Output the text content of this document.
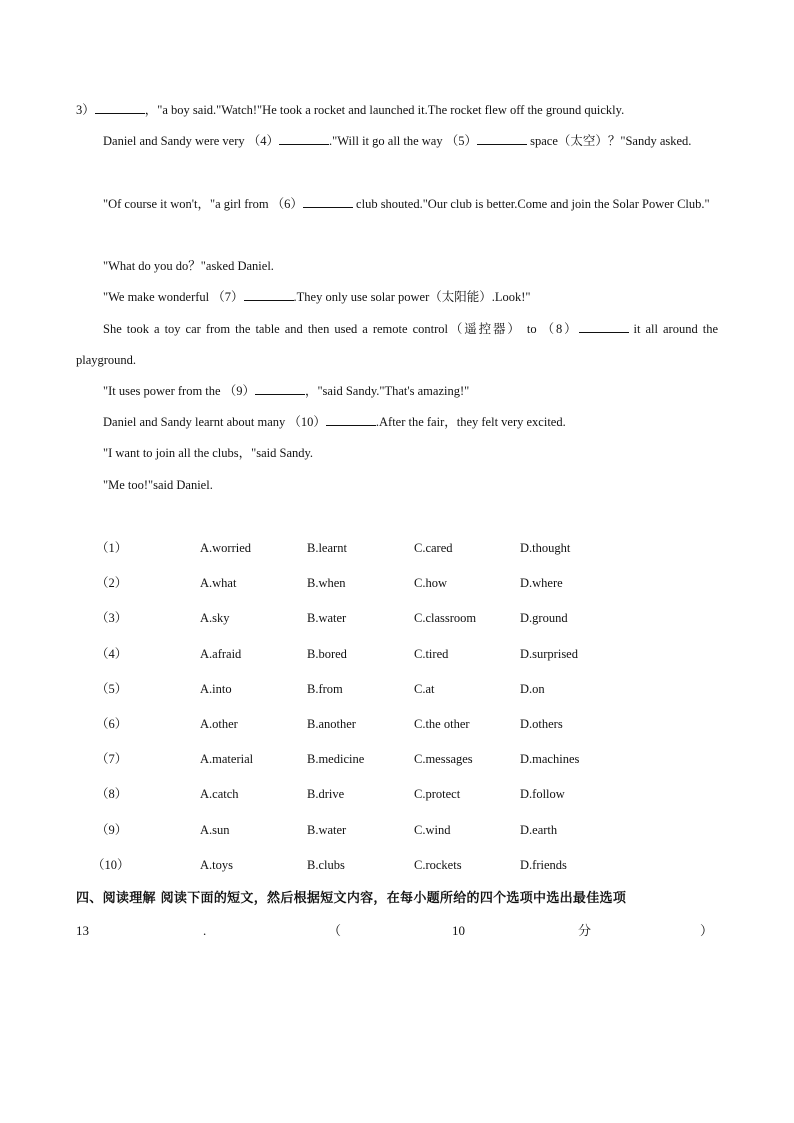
3）	，"a boy said."Watch!"He took a rocket and launched it.The rocket flew off the ground quickly.

Daniel and Sandy were very （4）	."Will it go all the way （5）	space（太空）？"Sandy asked.

"Of course it won't，"a girl from （6）	club shouted."Our club is better.Come and join the Solar Power Club."

"What do you do？"asked Daniel.

"We make wonderful （7）	.They only use solar power（太阳能）.Look!"

She took a toy car from the table and then used a remote control（遥控器） to （8）	it all around the playground.

"It uses power from the （9）	，"said Sandy."That's amazing!"

Daniel and Sandy learnt about many （10）	.After the fair，they felt very excited.

"I want to join all the clubs，"said Sandy.

"Me too!"said Daniel.

（1）	A.worried	B.learnt	C.cared	D.thought
（2）	A.what	B.when	C.how	D.where
（3）	A.sky	B.water	C.classroom	D.ground
（4）	A.afraid	B.bored	C.tired	D.surprised
（5）	A.into	B.from	C.at	D.on
（6）	A.other	B.another	C.the other	D.others
（7）	A.material	B.medicine	C.messages	D.machines
（8）	A.catch	B.drive	C.protect	D.follow
（9）	A.sun	B.water	C.wind	D.earth
（10）	A.toys	B.clubs	C.rockets	D.friends

四、阅读理解 阅读下面的短文，然后根据短文内容，在每小题所给的四个选项中选出最佳选项

13	.	（	10	分	）
